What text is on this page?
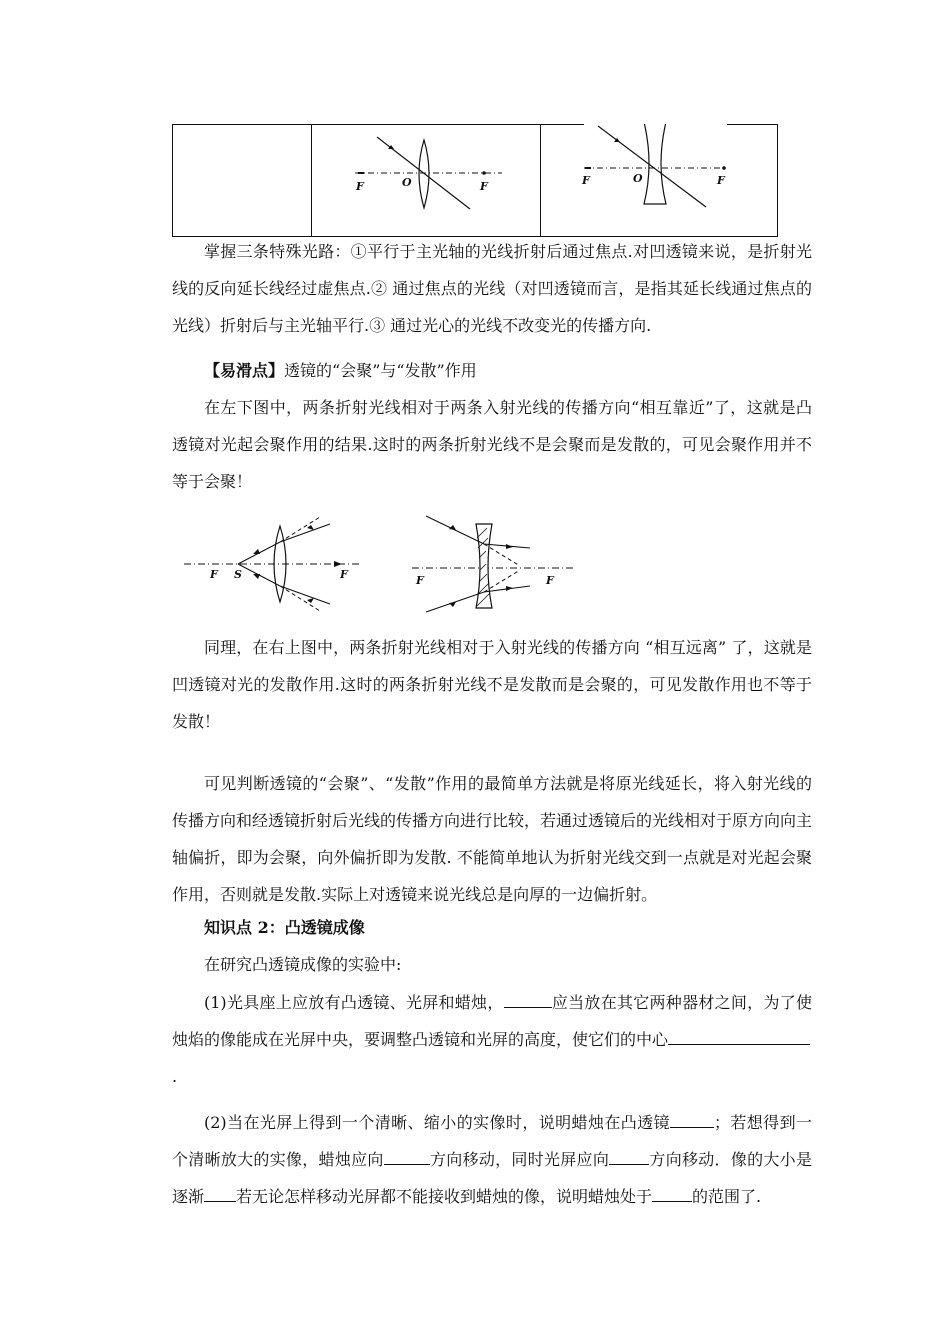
F	O	F	F	O	F

掌握三条特殊光路：①平行于主光轴的光线折射后通过焦点.对凹透镜来说，是折射光线的反向延长线经过虚焦点.② 通过焦点的光线（对凹透镜而言，是指其延长线通过焦点的光线）折射后与主光轴平行.③ 通过光心的光线不改变光的传播方向.

【易滑点】透镜的“会聚”与“发散”作用

在左下图中，两条折射光线相对于两条入射光线的传播方向“相互靠近”了，这就是凸透镜对光起会聚作用的结果.这时的两条折射光线不是会聚而是发散的，可见会聚作用并不等于会聚！

F S	F	F	F

同理，在右上图中，两条折射光线相对于入射光线的传播方向 “相互远离” 了，这就是凹透镜对光的发散作用.这时的两条折射光线不是发散而是会聚的，可见发散作用也不等于发散！

可见判断透镜的“会聚”、“发散”作用的最简单方法就是将原光线延长，将入射光线的传播方向和经透镜折射后光线的传播方向进行比较，若通过透镜后的光线相对于原方向向主轴偏折，即为会聚，向外偏折即为发散. 不能简单地认为折射光线交到一点就是对光起会聚作用，否则就是发散.实际上对透镜来说光线总是向厚的一边偏折射。

知识点 2：凸透镜成像

在研究凸透镜成像的实验中:

(1)光具座上应放有凸透镜、光屏和蜡烛，	应当放在其它两种器材之间，为了使烛焰的像能成在光屏中央，要调整凸透镜和光屏的高度，使它们的中心
.

(2)当在光屏上得到一个清晰、缩小的实像时，说明蜡烛在凸透镜	；若想得到一个清晰放大的实像，蜡烛应向	方向移动，同时光屏应向	方向移动．像的大小是逐渐 若无论怎样移动光屏都不能接收到蜡烛的像，说明蜡烛处于	的范围了.
